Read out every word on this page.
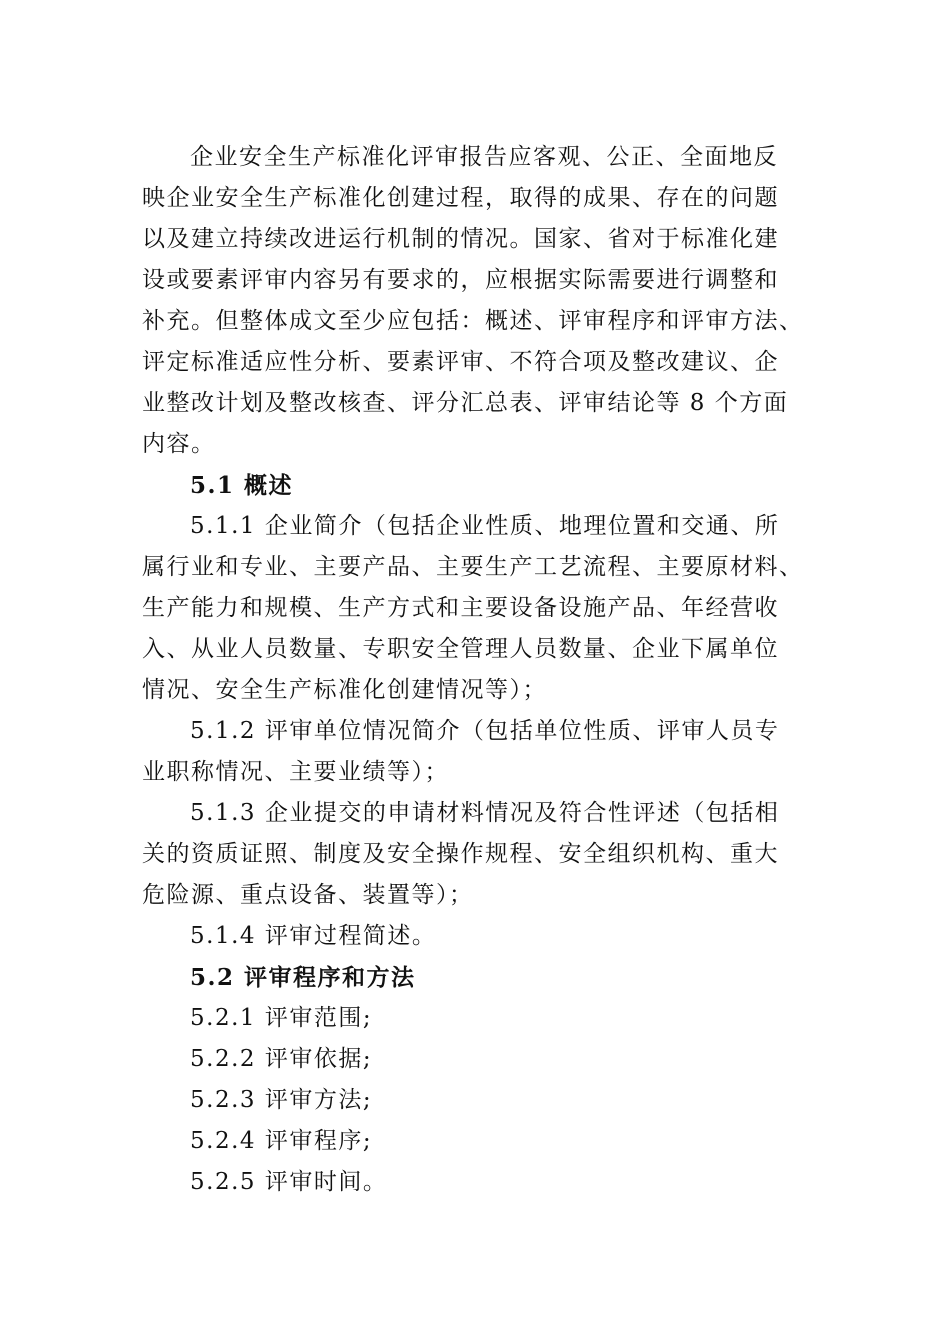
企业安全生产标准化评审报告应客观、公正、全面地反
映企业安全生产标准化创建过程，取得的成果、存在的问题
以及建立持续改进运行机制的情况。国家、省对于标准化建
设或要素评审内容另有要求的，应根据实际需要进行调整和
补充。但整体成文至少应包括：概述、评审程序和评审方法、
评定标准适应性分析、要素评审、不符合项及整改建议、企
业整改计划及整改核查、评分汇总表、评审结论等 8 个方面
内容。
5.1 概述
5.1.1 企业简介（包括企业性质、地理位置和交通、所
属行业和专业、主要产品、主要生产工艺流程、主要原材料、
生产能力和规模、生产方式和主要设备设施产品、年经营收
入、从业人员数量、专职安全管理人员数量、企业下属单位
情况、安全生产标准化创建情况等）；
5.1.2 评审单位情况简介（包括单位性质、评审人员专
业职称情况、主要业绩等）；
5.1.3 企业提交的申请材料情况及符合性评述（包括相
关的资质证照、制度及安全操作规程、安全组织机构、重大
危险源、重点设备、装置等）；
5.1.4 评审过程简述。
5.2 评审程序和方法
5.2.1 评审范围;
5.2.2 评审依据;
5.2.3 评审方法;
5.2.4 评审程序;
5.2.5 评审时间。
